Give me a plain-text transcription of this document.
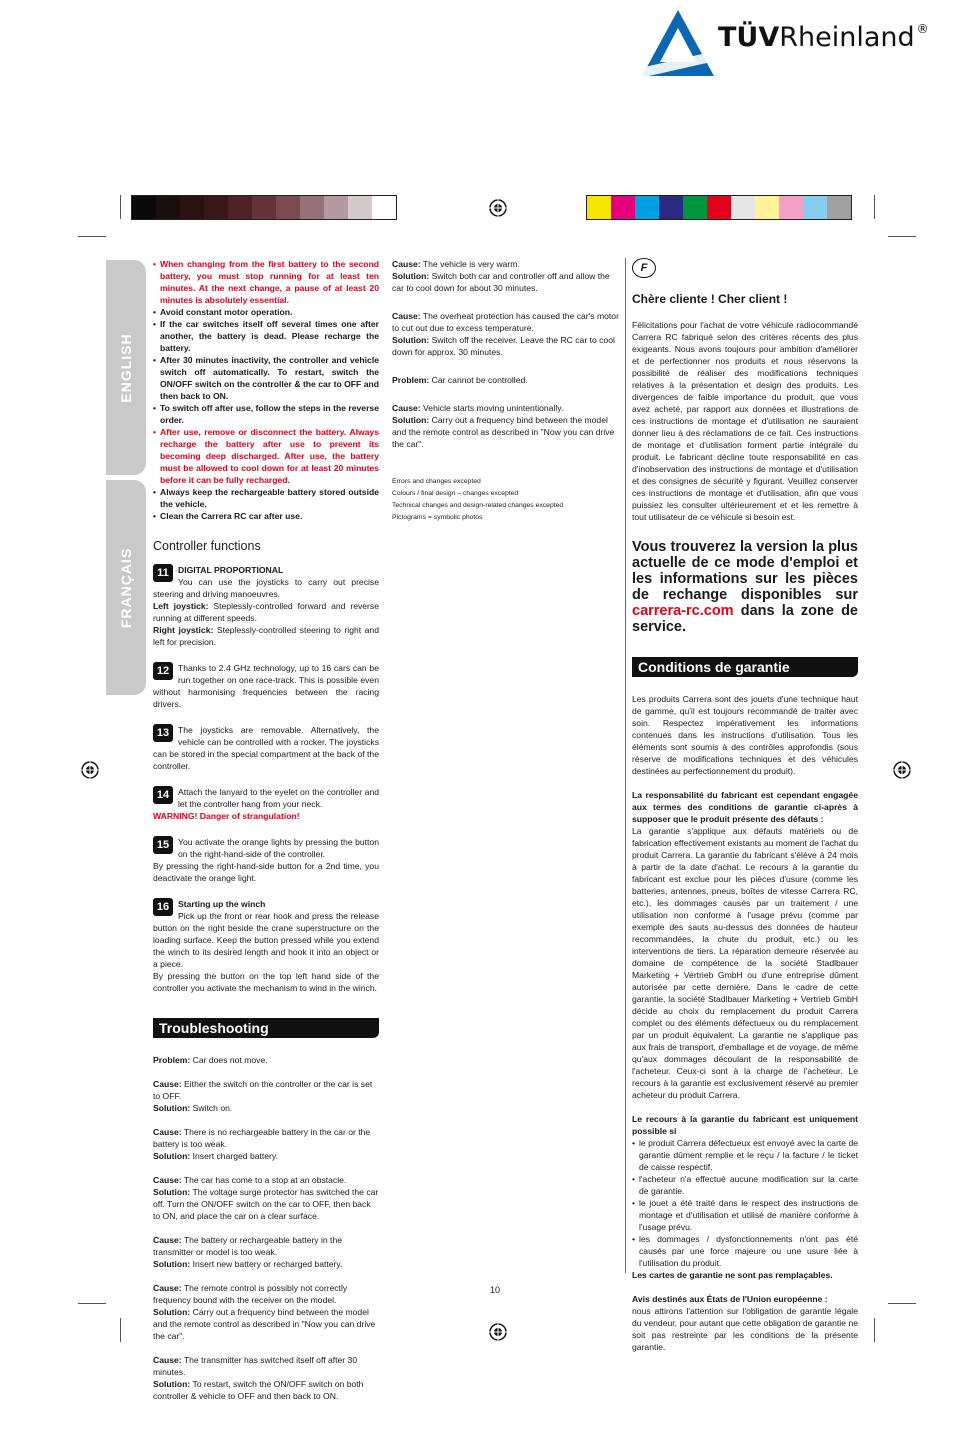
TÜVRheinland ®
ENGLISH
FRANÇAIS
• When changing from the first battery to the second battery, you must stop running for at least ten minutes. At the next change, a pause of at least 20 minutes is absolutely essential.
• Avoid constant motor operation.
• If the car switches itself off several times one after another, the battery is dead. Please recharge the battery.
• After 30 minutes inactivity, the controller and vehicle switch off automatically. To restart, switch the ON/OFF switch on the controller & the car to OFF and then back to ON.
• To switch off after use, follow the steps in the reverse order.
• After use, remove or disconnect the battery. Always recharge the battery after use to prevent its becoming deep discharged. After use, the battery must be allowed to cool down for at least 20 minutes before it can be fully recharged.
• Always keep the rechargeable battery stored outside the vehicle.
• Clean the Carrera RC car after use.
Controller functions
11	DIGITAL PROPORTIONAL

You can use the joysticks to carry out precise steering and driving manoeuvres.

Left joystick: Steplessly-controlled forward and reverse running at different speeds.

Right joystick: Steplessly-controlled steering to right and left for precision.

12	Thanks to 2.4 GHz technology, up to 16 cars can be run together on one race-track. This is possible even without harmonising frequencies between the racing drivers.

13	The joysticks are removable. Alternatively, the vehicle can be controlled with a rocker. The joysticks can be stored in the special compartment at the back of the controller.

14	Attach the lanyard to the eyelet on the controller and let the controller hang from your neck.

WARNING! Danger of strangulation!

15	You activate the orange lights by pressing the button on the right-hand-side of the controller.

By pressing the right-hand-side button for a 2nd time, you deactivate the orange light.

16	Starting up the winch

Pick up the front or rear hook and press the release button on the right beside the crane superstructure on the loading surface. Keep the button pressed while you extend the winch to its desired length and hook it into an object or a piece.

By pressing the button on the top left hand side of the controller you activate the mechanism to wind in the winch.

Troubleshooting

Problem: Car does not move.

Cause: Either the switch on the controller or the car is set to OFF.

Solution: Switch on.

Cause: There is no rechargeable battery in the car or the battery is too weak.

Solution: Insert charged battery.

Cause: The car has come to a stop at an obstacle.

Solution: The voltage surge protector has switched the car off. Turn the ON/OFF switch on the car to OFF, then back to ON, and place the car on a clear surface.

Cause: The battery or rechargeable battery in the transmitter or model is too weak.

Solution: Insert new battery or recharged battery.

Cause: The remote control is possibly not correctly frequency bound with the receiver on the model.

Solution: Carry out a frequency bind between the model and the remote control as described in "Now you can drive the car".

Cause: The transmitter has switched itself off after 30 minutes.

Solution: To restart, switch the ON/OFF switch on both controller & vehicle to OFF and then back to ON.

Cause: The vehicle is very warm.

Solution: Switch both car and controller off and allow the car to cool down for about 30 minutes.

Cause: The overheat protection has caused the car's motor to cut out due to excess temperature.

Solution: Switch off the receiver. Leave the RC car to cool down for approx. 30 minutes.

Problem: Car cannot be controlled.

Cause: Vehicle starts moving unintentionally.

Solution: Carry out a frequency bind between the model and the remote control as described in "Now you can drive the car".

Errors and changes excepted

Colours / final design – changes excepted

Technical changes and design-related changes excepted

Pictograms = symbolic photos

F
Chère cliente ! Cher client !

Félicitations pour l'achat de votre véhicule radiocommandé Carrera RC fabriqué selon des critères récents des plus exigeants. Nous avons toujours pour ambition d'améliorer et de perfectionner nos produits et nous réservons la possibilité de réaliser des modifications techniques relatives à la présentation et design des produits. Les divergences de faible importance du produit, que vous avez acheté, par rapport aux données et illustrations de ces instructions de montage et d'utilisation ne sauraient donner lieu à des réclamations de ce fait. Ces instructions de montage et d'utilisation forment partie intégrale du produit. Le fabricant décline toute responsabilité en cas d'inobservation des instructions de montage et d'utilisation et des consignes de sécurité y figurant. Veuillez conserver ces instructions de montage et d'utilisation, afin que vous puissiez les consulter ultérieurement et et les remettre à tout utilisateur de ce véhicule si besoin est.

Vous trouverez la version la plus actuelle de ce mode d'emploi et les informations sur les pièces de rechange disponibles sur carrera-rc.com dans la zone de service.
Conditions de garantie

Les produits Carrera sont des jouets d'une technique haut de gamme, qu'il est toujours recommandé de traiter avec soin. Respectez impérativement les informations contenues dans les instructions d'utilisation. Tous les éléments sont soumis à des contrôles approfondis (sous réserve de modifications techniques et des véhicules destinées au perfectionnement du produit).

La responsabilité du fabricant est cependant engagée aux termes des conditions de garantie ci-après à supposer que le produit présente des défauts :

La garantie s'applique aux défauts matériels ou de fabrication effectivement existants au moment de l'achat du produit Carrera. La garantie du fabricant s'élève à 24 mois à partir de la date d'achat. Le recours à la garantie du fabricant est exclue pour les pièces d'usure (comme les batteries, antennes, pneus, boîtes de vitesse Carrera RC, etc.), les dommages causés par un traitement / une utilisation non conforme à l'usage prévu (comme par exemple des sauts au-dessus des données de hauteur recommandées, la chute du produit, etc.) ou les interventions de tiers. La réparation demeure réservée au domaine de compétence de la société Stadlbauer Marketing + Vertrieb GmbH ou d'une entreprise dûment autorisée par cette dernière. Dans le cadre de cette garantie, la société Stadlbauer Marketing + Vertrieb GmbH décide au choix du remplacement du produit Carrera complet ou des éléments défectueux ou du remplacement par un produit équivalent. La garantie ne s'applique pas aux frais de transport, d'emballage et de voyage, de même qu'aux dommages découlant de la responsabilité de l'acheteur. Ceux-ci sont à la charge de l'acheteur. Le recours à la garantie est exclusivement réservé au premier acheteur du produit Carrera.

Le recours à la garantie du fabricant est uniquement possible si

• le produit Carrera défectueux est envoyé avec la carte de garantie dûment remplie et le reçu / la facture / le ticket de caisse respectif.
• l'acheteur n'a effectué aucune modification sur la carte de garantie.
• le jouet a été traité dans le respect des instructions de montage et d'utilisation et utilisé de manière conforme à l'usage prévu.
• les dommages / dysfonctionnements n'ont pas été causés par une force majeure ou une usure liée à l'utilisation du produit.

Les cartes de garantie ne sont pas remplaçables.

Avis destinés aux États de l'Union européenne :

nous attirons l'attention sur l'obligation de garantie légale du vendeur, pour autant que cette obligation de garantie ne soit pas restreinte par les conditions de la présente garantie.

10
